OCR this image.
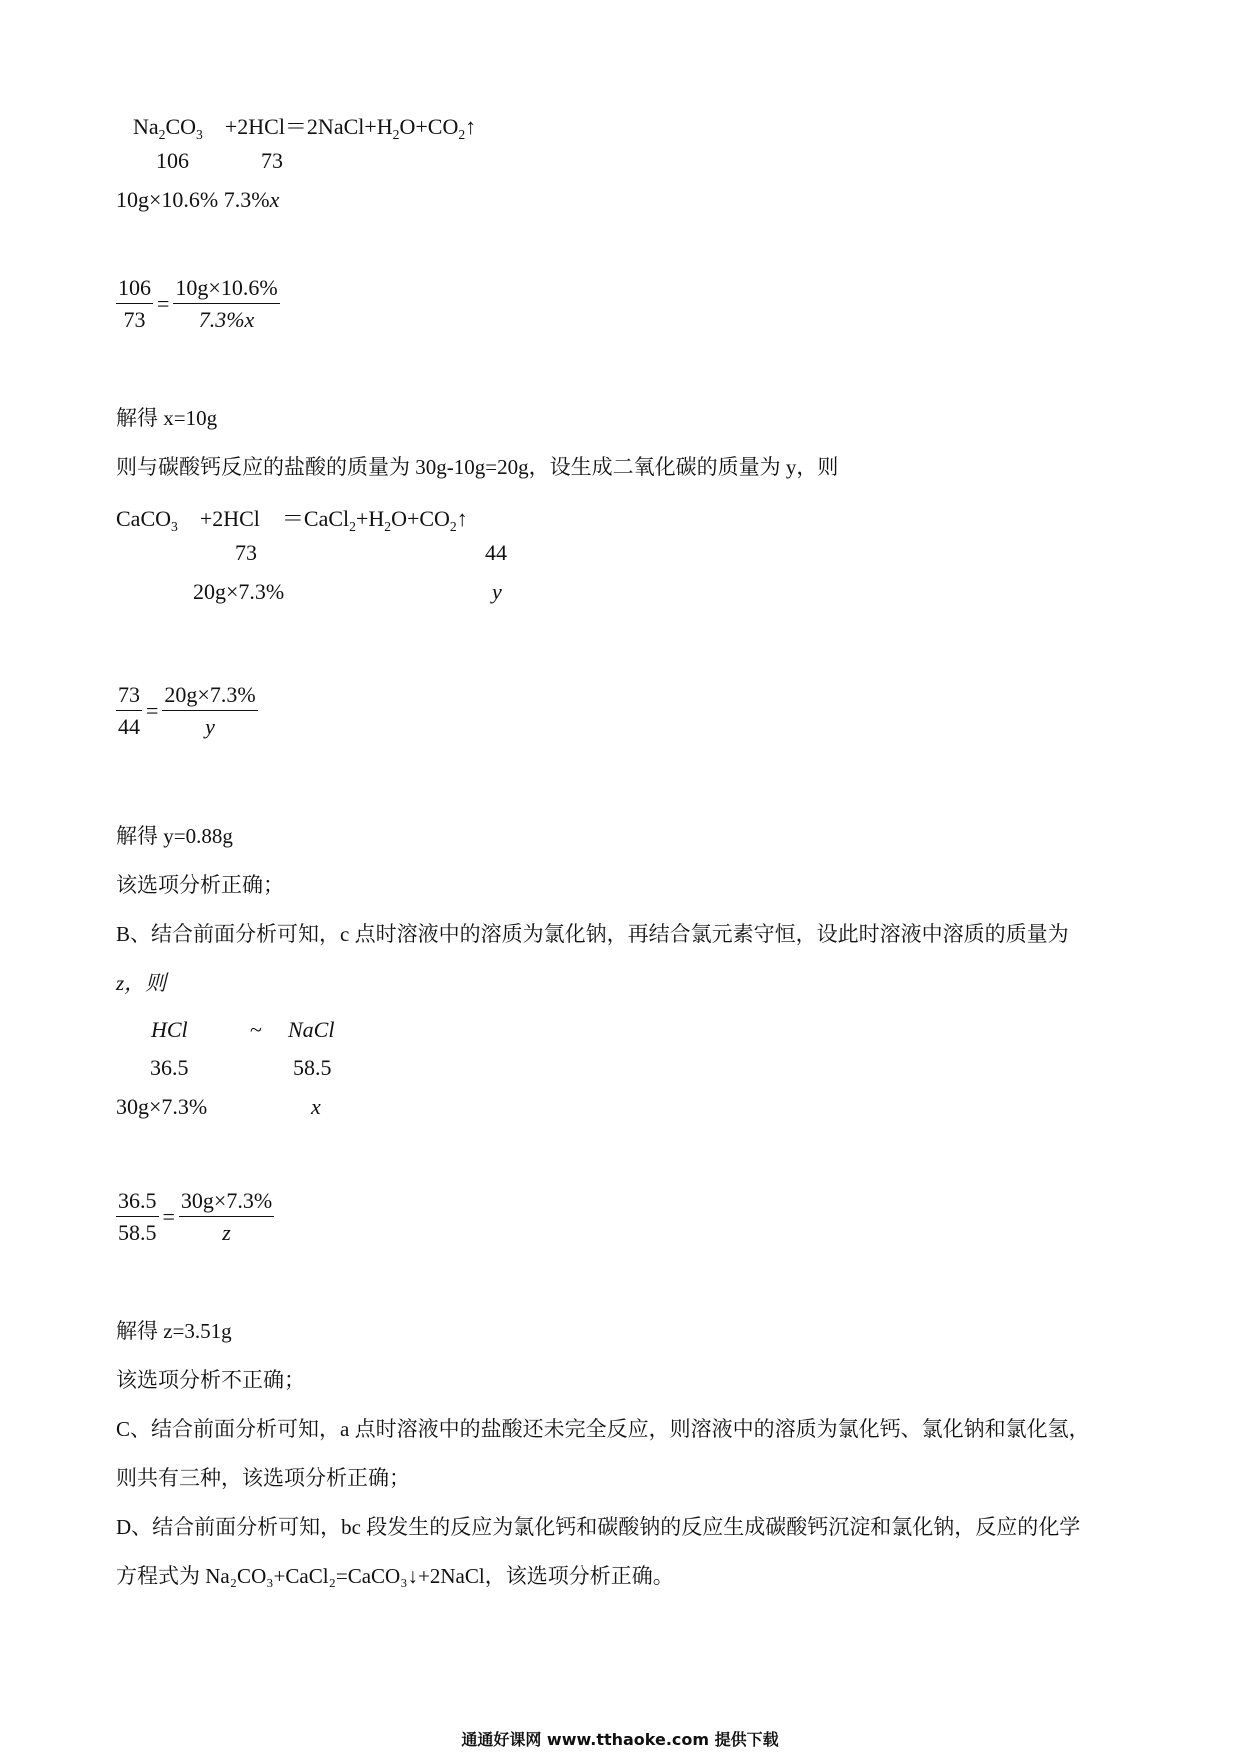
$Na_2CO_3$ $+2HCl=2NaCl+H_2O+CO_2↑$
106	73
10g×10.6% 7.3%x
$\frac{106}{73} = \frac{10g\times 10.6\%}{7.3\%x}$
解得 x=10g
则与碳酸钙反应的盐酸的质量为 30g-10g=20g，设生成二氧化碳的质量为 y，则
CaCO$_3$ $+2HCl =CaCl_2+H_2O+CO_2↑$
73	44
20g×7.3%	y
$\frac{73}{44} = \frac{20g\times 7.3\%}{y}$
解得 y=0.88g
该选项分析正确；
B、结合前面分析可知，c 点时溶液中的溶质为氯化钠，再结合氯元素守恒，设此时溶液中溶质的质量为
z，则
HCl	~ NaCl
36.5	58.5
30g×7.3%	x
$\frac{36.5}{58.5} = \frac{30g\times 7.3\%}{z}$
解得 z=3.51g
该选项分析不正确；
C、结合前面分析可知，a 点时溶液中的盐酸还未完全反应，则溶液中的溶质为氯化钙、氯化钠和氯化氢，
则共有三种，该选项分析正确；
D、结合前面分析可知，bc 段发生的反应为氯化钙和碳酸钠的反应生成碳酸钙沉淀和氯化钠，反应的化学
方程式为 Na₂CO₃+CaCl₂=CaCO₃↓+2NaCl，该选项分析正确。
通通好课网 www.tthaoke.com 提供下载
